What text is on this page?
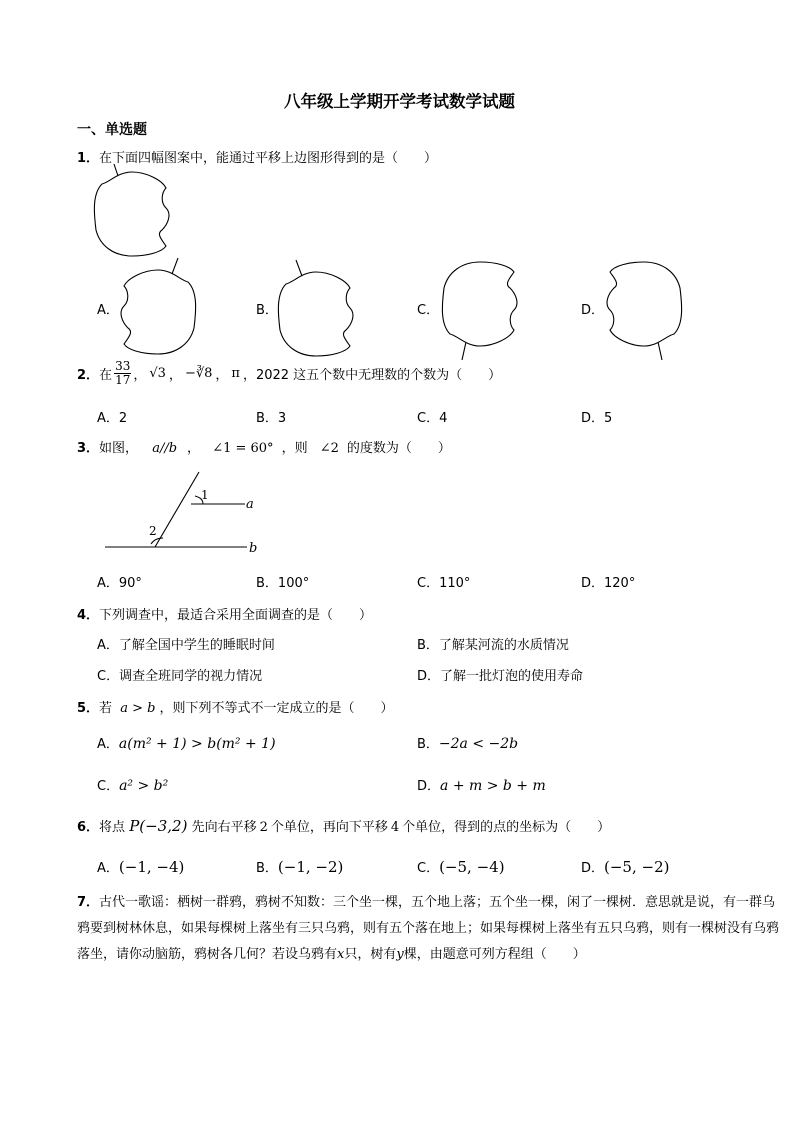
八年级上学期开学考试数学试题
一、单选题
1．在下面四幅图案中，能通过平移上边图形得到的是（　　）
A．	B．	C．	D．
2． 在 $\frac{33}{17}$ ， √3 ， −∛8 ， π ，2022 这五个数中无理数的个数为（　　）
A．2	B．3	C．4	D．5
3．如图， a//b ， ∠1 = 60° ，则 ∠2 的度数为（　　）
1
2
a
b
A．90°	B．100°	C．110°	D．120°
4．下列调查中，最适合采用全面调查的是（　　）
A．了解全国中学生的睡眠时间	B．了解某河流的水质情况
C．调查全班同学的视力情况	D．了解一批灯泡的使用寿命
5．若 a > b ，则下列不等式不一定成立的是（　　）
A．a(m² + 1) > b(m² + 1)	B．−2a < −2b
C．a² > b²	D．a + m > b + m
6．将点 P(−3,2) 先向右平移 2 个单位，再向下平移 4 个单位，得到的点的坐标为（　　）
A．(−1, −4)	B．(−1, −2)	C．(−5, −4)	D．(−5, −2)
7．古代一歌谣：栖树一群鸦，鸦树不知数：三个坐一棵，五个地上落；五个坐一棵，闲了一棵树．意思就是说，有一群乌鸦要到树林休息，如果每棵树上落坐有三只乌鸦，则有五个落在地上；如果每棵树上落坐有五只乌鸦，则有一棵树没有乌鸦落坐，请你动脑筋，鸦树各几何？若设乌鸦有x只，树有y棵，由题意可列方程组（　　）
